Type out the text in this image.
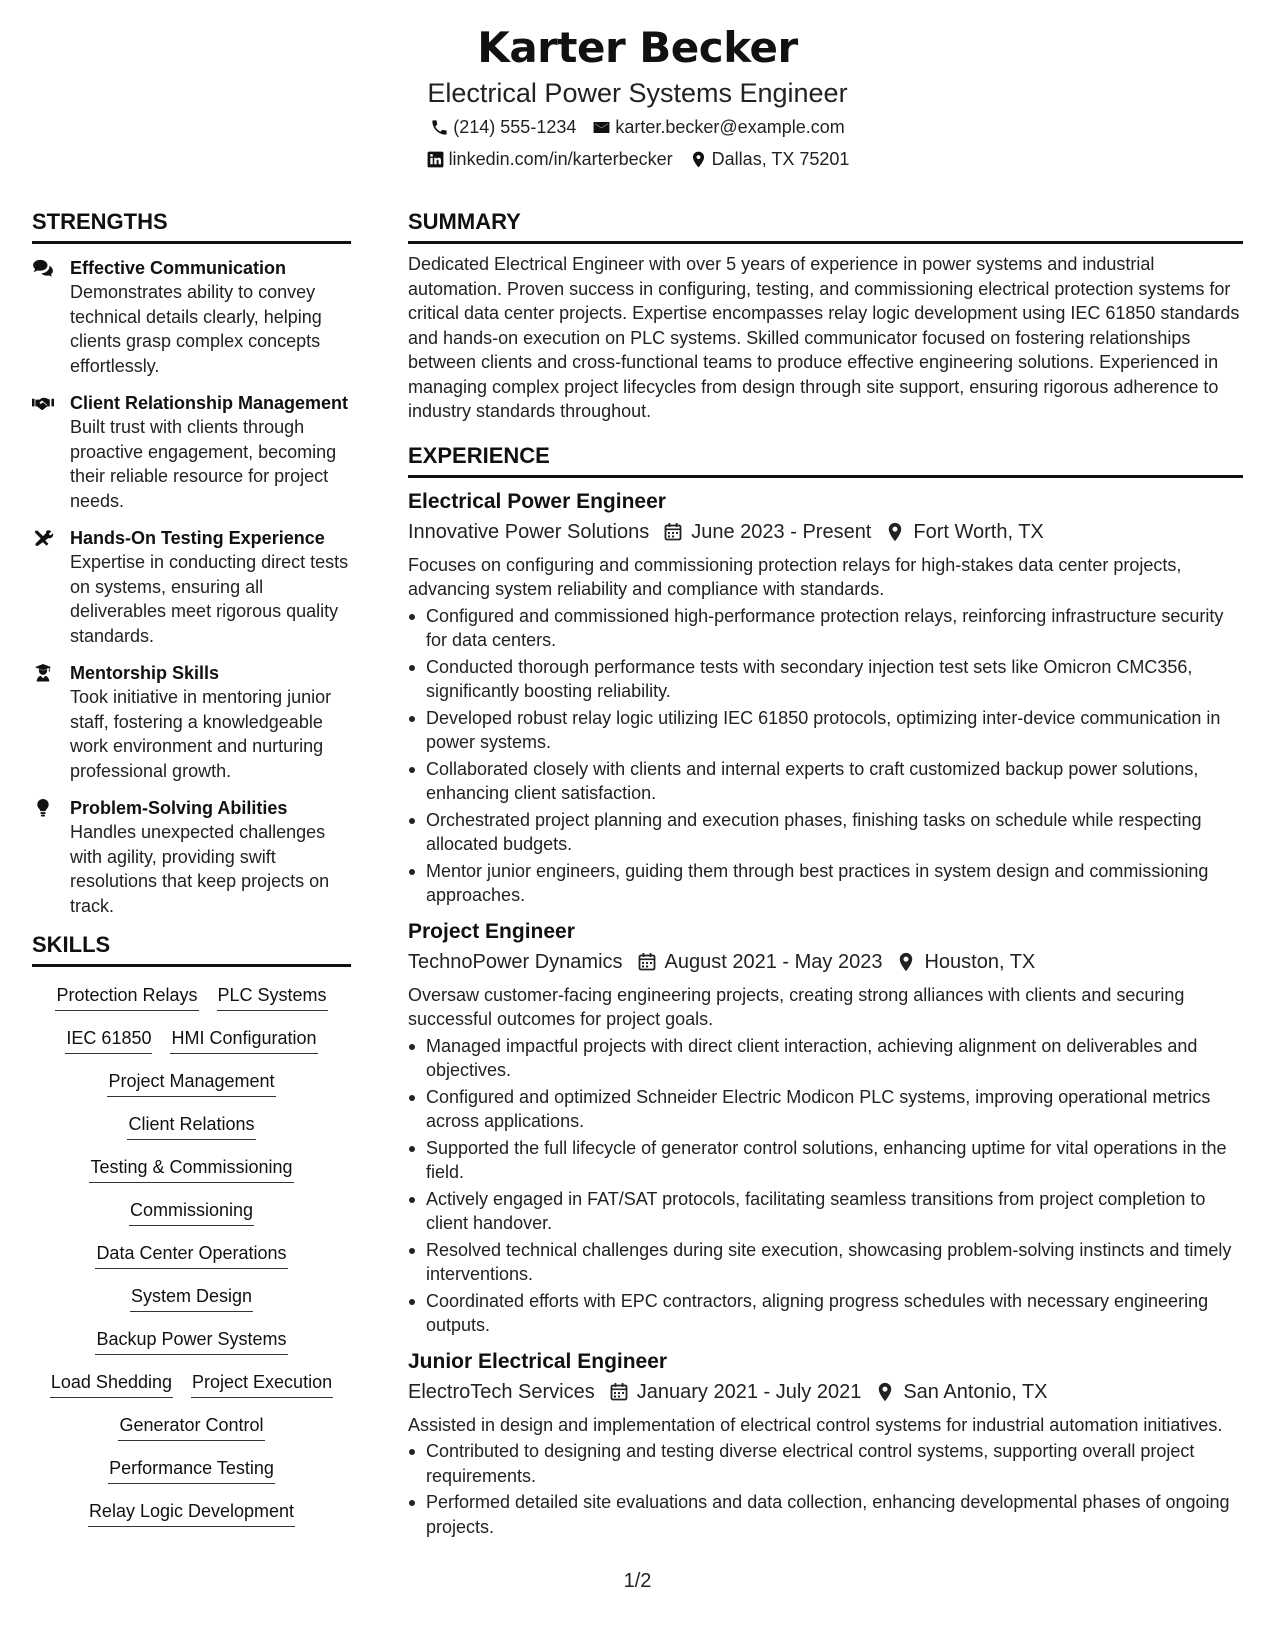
Karter Becker
Electrical Power Systems Engineer
(214) 555-1234 karter.becker@example.com
linkedin.com/in/karterbecker Dallas, TX 75201
STRENGTHS
Effective Communication
Demonstrates ability to convey technical details clearly, helping clients grasp complex concepts effortlessly.
Client Relationship Management
Built trust with clients through proactive engagement, becoming their reliable resource for project needs.
Hands-On Testing Experience
Expertise in conducting direct tests on systems, ensuring all deliverables meet rigorous quality standards.
Mentorship Skills
Took initiative in mentoring junior staff, fostering a knowledgeable work environment and nurturing professional growth.
Problem-Solving Abilities
Handles unexpected challenges with agility, providing swift resolutions that keep projects on track.
SKILLS
Protection Relays PLC Systems
IEC 61850 HMI Configuration
Project Management
Client Relations
Testing & Commissioning
Commissioning
Data Center Operations
System Design
Backup Power Systems
Load Shedding Project Execution
Generator Control
Performance Testing
Relay Logic Development
SUMMARY
Dedicated Electrical Engineer with over 5 years of experience in power systems and industrial automation. Proven success in configuring, testing, and commissioning electrical protection systems for critical data center projects. Expertise encompasses relay logic development using IEC 61850 standards and hands-on execution on PLC systems. Skilled communicator focused on fostering relationships between clients and cross-functional teams to produce effective engineering solutions. Experienced in managing complex project lifecycles from design through site support, ensuring rigorous adherence to industry standards throughout.
EXPERIENCE
Electrical Power Engineer
Innovative Power Solutions June 2023 - Present Fort Worth, TX
Focuses on configuring and commissioning protection relays for high-stakes data center projects, advancing system reliability and compliance with standards.
Configured and commissioned high-performance protection relays, reinforcing infrastructure security for data centers.
Conducted thorough performance tests with secondary injection test sets like Omicron CMC356, significantly boosting reliability.
Developed robust relay logic utilizing IEC 61850 protocols, optimizing inter-device communication in power systems.
Collaborated closely with clients and internal experts to craft customized backup power solutions, enhancing client satisfaction.
Orchestrated project planning and execution phases, finishing tasks on schedule while respecting allocated budgets.
Mentor junior engineers, guiding them through best practices in system design and commissioning approaches.
Project Engineer
TechnoPower Dynamics August 2021 - May 2023 Houston, TX
Oversaw customer-facing engineering projects, creating strong alliances with clients and securing successful outcomes for project goals.
Managed impactful projects with direct client interaction, achieving alignment on deliverables and objectives.
Configured and optimized Schneider Electric Modicon PLC systems, improving operational metrics across applications.
Supported the full lifecycle of generator control solutions, enhancing uptime for vital operations in the field.
Actively engaged in FAT/SAT protocols, facilitating seamless transitions from project completion to client handover.
Resolved technical challenges during site execution, showcasing problem-solving instincts and timely interventions.
Coordinated efforts with EPC contractors, aligning progress schedules with necessary engineering outputs.
Junior Electrical Engineer
ElectroTech Services January 2021 - July 2021 San Antonio, TX
Assisted in design and implementation of electrical control systems for industrial automation initiatives.
Contributed to designing and testing diverse electrical control systems, supporting overall project requirements.
Performed detailed site evaluations and data collection, enhancing developmental phases of ongoing projects.
1/2
